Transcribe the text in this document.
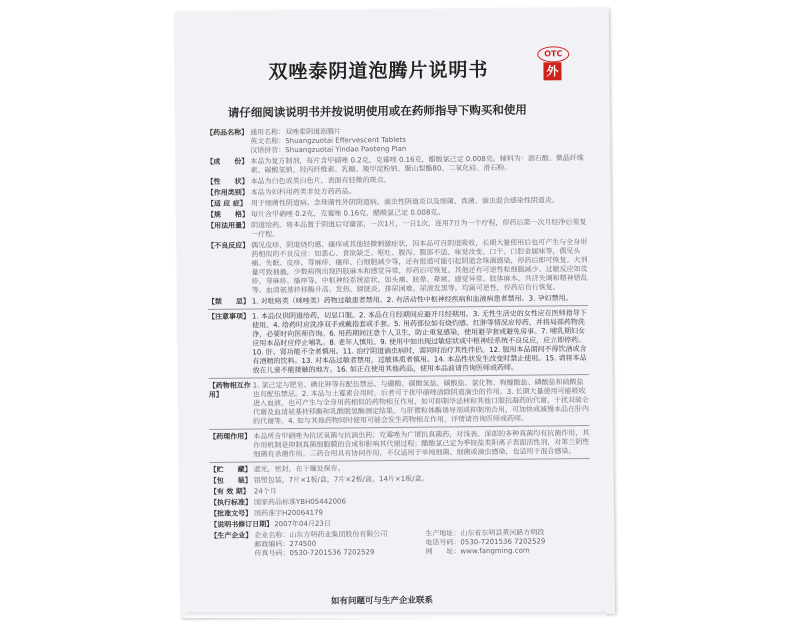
双唑泰阴道泡腾片说明书
OTC
外
请仔细阅读说明书并按说明使用或在药师指导下购买和使用
【药品名称】 通用名称：双唑泰阴道泡腾片
英文名称：Shuangzuotai Effervescent Tablets
汉语拼音：Shuangzuotai Yindao Paoteng Pian
【成　　份】 本品为复方制剂，每片含甲硝唑 0.2克，克霉唑 0.16克，醋酸氯己定 0.008克。辅料为：酒石酸、微晶纤维素、碳酸氢钠、羟丙纤维素、乳糖、羧甲淀粉钠、聚山梨酯80、二氧化硅、滑石粉。
【性　　状】 本品为白色或类白色片，表面有轻微的斑点。
【作用类别】 本品为妇科用药类非处方药药品。
【适 应 症】 用于细菌性阴道病、念珠菌性外阴阴道病、滴虫性阴道炎以及细菌、真菌、滴虫混合感染性阴道炎。
【规　　格】 每片含甲硝唑 0.2克，克霉唑 0.16克，醋酸氯己定 0.008克。
【用法用量】 阴道给药。将本品置于阴道后穹窿部，一次1片，一日1次，连用7日为一个疗程，停药后第一次月经净后重复一疗程。
【不良反应】 偶见皮疹、阴道烧灼感、瘙痒或其他轻微刺激症状，因本品可自阴道吸收，长期大量使用后也可产生与全身用药相似的不良反应：如恶心、食欲缺乏、呕吐、腹泻、腹部不适、味觉改变、口干、口腔金属味等，偶见头痛、失眠、皮疹、荨麻疹、瘙痒、白细胞减少等，还有报道可能引起阴道念珠菌感染，停药后即可恢复。大剂量可致抽搐，少数病例出现四肢麻木和感觉异常，停药后可恢复。其他还有可逆性粒细胞减少、过敏反应如皮疹、荨麻疹、瘙痒等。中枢神经系统症状，如头痛、眩晕、晕厥、感觉异常、肢体麻木、共济失调和精神错乱等。血清氨基转移酶升高、发热、膀胱炎、排尿困难、尿液发黑等。均属可逆性，停药后自行恢复。
【禁　　忌】 1. 对吡咯类（咪唑类）药物过敏患者禁用。2. 有活动性中枢神经疾病和血液病患者禁用。3. 孕妇禁用。
【注意事项】 1. 本品仅供阴道给药，切忌口服。2. 本品在月经期间应避开月经期用。3. 无性生活史的女性应在医师指导下使用。4. 给药时应洗净双手或戴指套或手套。5. 用药部位如有烧灼感、红肿等情况应停药，并将局部药物洗净，必要时向医师咨询。6. 用药期间注意个人卫生，防止重复感染，使用避孕套或避免房事。7. 哺乳期妇女应用本品时应停止哺乳。8. 老年人慎用。9. 使用中如出现过敏症状或中枢神经系统不良反应，应立即停药。10. 肝、肾功能不全者慎用。11. 治疗阴道滴虫病时，需同时治疗其性伴侣。12. 服用本品期间不得饮酒或含有酒精的饮料。13. 对本品过敏者禁用，过敏体质者慎用。14. 本品性状发生改变时禁止使用。15. 请将本品放在儿童不能接触的地方。16. 如正在使用其他药品，使用本品前请咨询医师或药师。
【药物相互作用】
1. 氯己定与肥皂、碘化钾等有配伍禁忌。与硼酸、碳酸氢盐、碳酸盐、氯化物、枸橼酸盐、磷酸盐和硫酸盐也有配伍禁忌。2. 本品与土霉素合用时，后者可干扰甲硝唑清除阴道滴虫的作用。3. 长期大量使用可能吸收进入血液，也可产生与全身用药相似的药物相互作用，如可抑制华法林和其他口服抗凝药的代谢，干扰双硫仑代谢及血清氨基转移酶和乳酸脱氢酶测定结果，与肝微粒体酶诱导剂或抑制剂合用，可加快或减慢本品在肝内的代谢等。4. 如与其他药物同时使用可能会发生药物相互作用，详情请咨询医师或药师。
【药理作用】 本品所含甲硝唑为抗厌氧菌与抗滴虫药；克霉唑为广谱抗真菌药，对浅表、深部的多种真菌均有抗菌作用，其作用机制是抑制真菌细胞膜的合成和影响其代谢过程；醋酸氯己定为季铵盐类阳离子表面活性剂，对革兰阴性细菌有杀菌作用。三药合用具有协同作用，不仅适用于单纯细菌、细菌或滴虫感染，也适用于混合感染。
【贮　　藏】 遮光，密封，在干燥处保存。
【包　　装】 铝塑包装，7片×1板/盒，7片×2板/盒，14片×1板/盒。
【有 效 期】 24个月
【执行标准】 国家药品标准YBH05442006
【批准文号】 国药准字H20064179
【说明书修订日期】 2007年04月23日
【生产企业】 企业名称：山东方明药业集团股份有限公司	生产地址：山东省东明县黄河路方明段
邮政编码：274500	电话号码：0530-7201536 7202529
传真号码：0530-7201536 7202529	网　　址：www.fangming.com
如有问题可与生产企业联系
